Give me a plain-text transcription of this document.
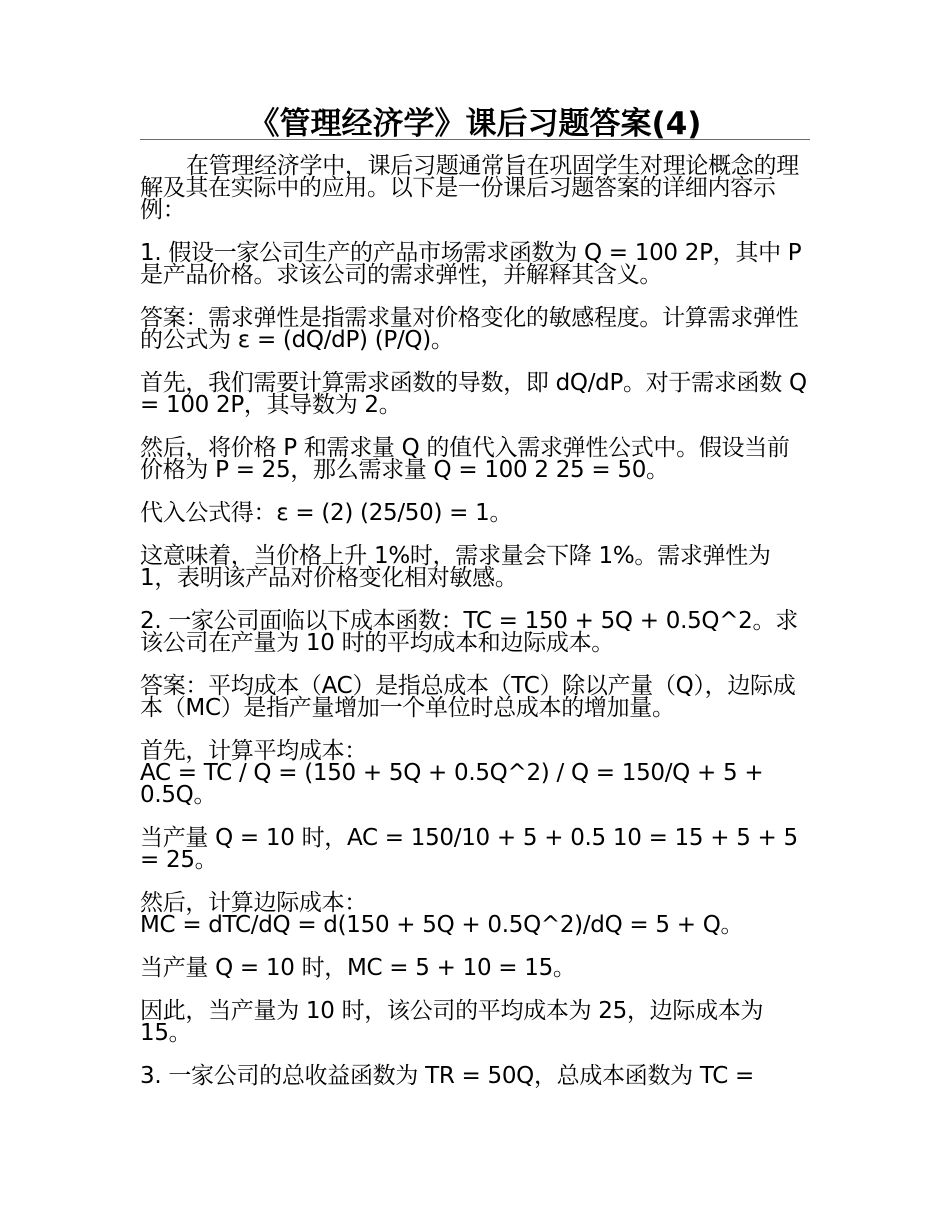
《管理经济学》课后习题答案(4)

在管理经济学中，课后习题通常旨在巩固学生对理论概念的理解及其在实际中的应用。以下是一份课后习题答案的详细内容示例：

1. 假设一家公司生产的产品市场需求函数为 Q = 100 2P，其中 P 是产品价格。求该公司的需求弹性，并解释其含义。

答案：需求弹性是指需求量对价格变化的敏感程度。计算需求弹性的公式为 ε = (dQ/dP) (P/Q)。

首先，我们需要计算需求函数的导数，即 dQ/dP。对于需求函数 Q = 100 2P，其导数为 2。

然后，将价格 P 和需求量 Q 的值代入需求弹性公式中。假设当前价格为 P = 25，那么需求量 Q = 100 2 25 = 50。

代入公式得：ε = (2) (25/50) = 1。

这意味着，当价格上升 1%时，需求量会下降 1%。需求弹性为 1，表明该产品对价格变化相对敏感。

2. 一家公司面临以下成本函数：TC = 150 + 5Q + 0.5Q^2。求该公司在产量为 10 时的平均成本和边际成本。

答案：平均成本（AC）是指总成本（TC）除以产量（Q），边际成本（MC）是指产量增加一个单位时总成本的增加量。

首先，计算平均成本：
AC = TC / Q = (150 + 5Q + 0.5Q^2) / Q = 150/Q + 5 + 0.5Q。

当产量 Q = 10 时，AC = 150/10 + 5 + 0.5 10 = 15 + 5 + 5 = 25。

然后，计算边际成本：
MC = dTC/dQ = d(150 + 5Q + 0.5Q^2)/dQ = 5 + Q。

当产量 Q = 10 时，MC = 5 + 10 = 15。

因此，当产量为 10 时，该公司的平均成本为 25，边际成本为 15。

3. 一家公司的总收益函数为 TR = 50Q，总成本函数为 TC =
